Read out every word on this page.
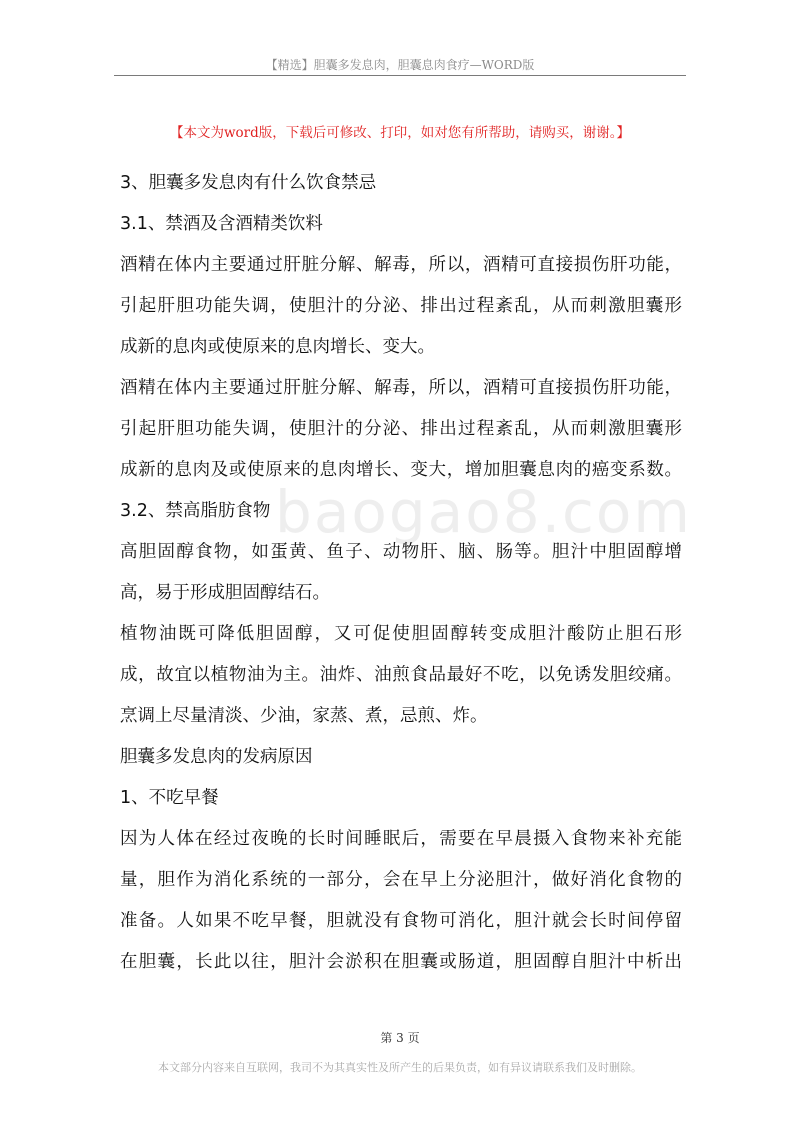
【精选】胆囊多发息肉，胆囊息肉食疗—WORD版
【本文为word版，下载后可修改、打印，如对您有所帮助，请购买，谢谢。】
baogao8.com
3、胆囊多发息肉有什么饮食禁忌
3.1、禁酒及含酒精类饮料
酒精在体内主要通过肝脏分解、解毒，所以，酒精可直接损伤肝功能，
引起肝胆功能失调，使胆汁的分泌、排出过程紊乱，从而刺激胆囊形
成新的息肉或使原来的息肉增长、变大。
酒精在体内主要通过肝脏分解、解毒，所以，酒精可直接损伤肝功能，
引起肝胆功能失调，使胆汁的分泌、排出过程紊乱，从而刺激胆囊形
成新的息肉及或使原来的息肉增长、变大，增加胆囊息肉的癌变系数。
3.2、禁高脂肪食物
高胆固醇食物，如蛋黄、鱼子、动物肝、脑、肠等。胆汁中胆固醇增
高，易于形成胆固醇结石。
植物油既可降低胆固醇，又可促使胆固醇转变成胆汁酸防止胆石形
成，故宜以植物油为主。油炸、油煎食品最好不吃，以免诱发胆绞痛。
烹调上尽量清淡、少油，家蒸、煮，忌煎、炸。
胆囊多发息肉的发病原因
1、不吃早餐
因为人体在经过夜晚的长时间睡眠后，需要在早晨摄入食物来补充能
量，胆作为消化系统的一部分，会在早上分泌胆汁，做好消化食物的
准备。人如果不吃早餐，胆就没有食物可消化，胆汁就会长时间停留
在胆囊，长此以往，胆汁会淤积在胆囊或肠道，胆固醇自胆汁中析出
第 3 页
本文部分内容来自互联网，我司不为其真实性及所产生的后果负责，如有异议请联系我们及时删除。
